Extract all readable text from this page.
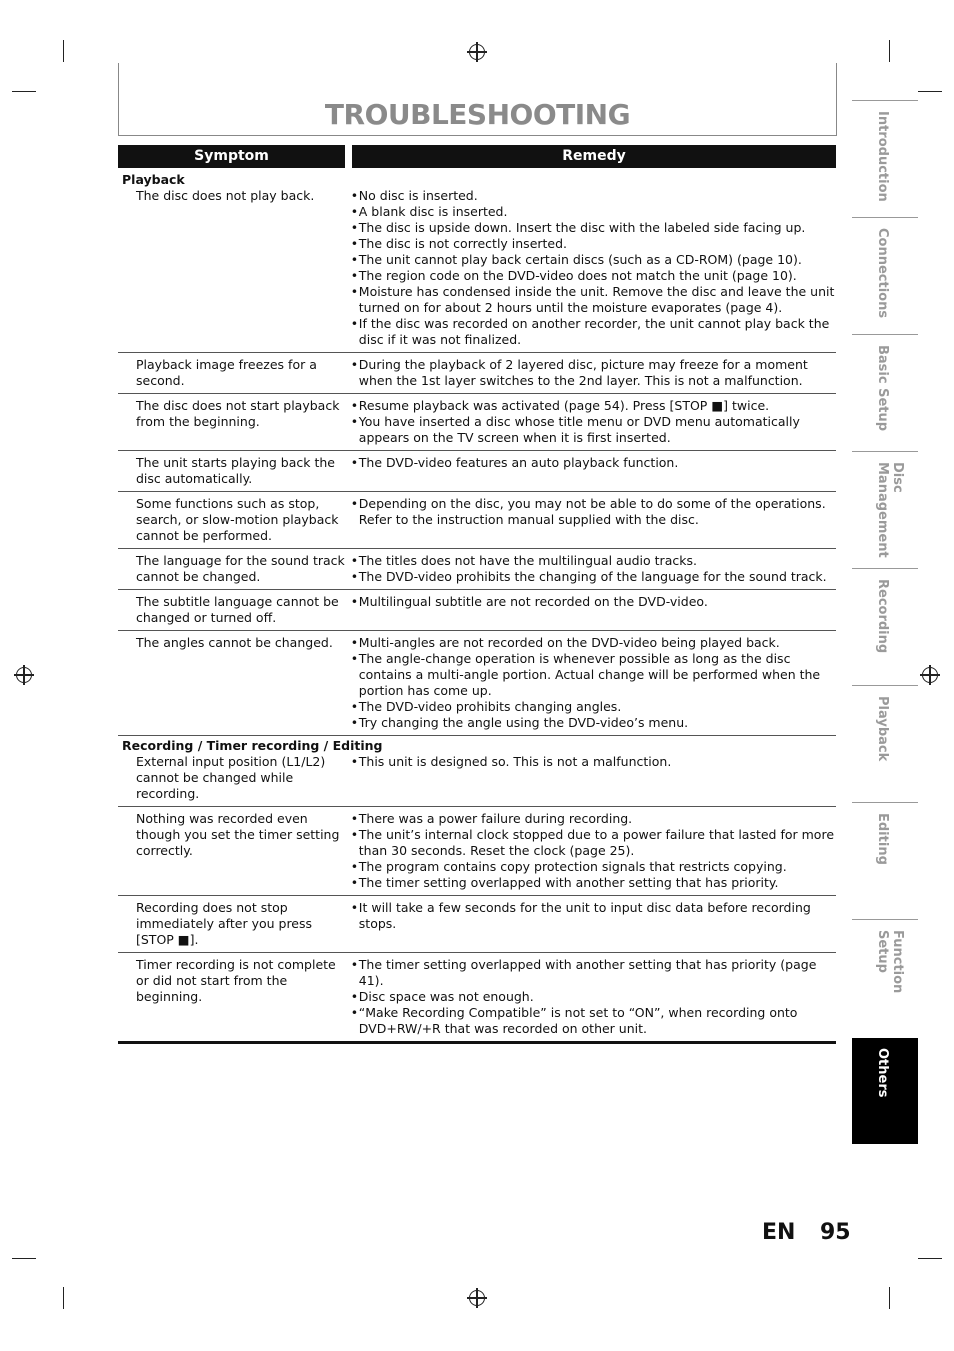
TROUBLESHOOTING
Symptom	Remedy
Playback
The disc does not play back.	• No disc is inserted.
• A blank disc is inserted.
• The disc is upside down. Insert the disc with the labeled side facing up.
• The disc is not correctly inserted.
• The unit cannot play back certain discs (such as a CD-ROM) (page 10).
• The region code on the DVD-video does not match the unit (page 10).
• Moisture has condensed inside the unit. Remove the disc and leave the unit turned on for about 2 hours until the moisture evaporates (page 4).
• If the disc was recorded on another recorder, the unit cannot play back the disc if it was not finalized.
Playback image freezes for a second.
• During the playback of 2 layered disc, picture may freeze for a moment when the 1st layer switches to the 2nd layer. This is not a malfunction.
The disc does not start playback from the beginning.
• Resume playback was activated (page 54). Press [STOP ■] twice.
• You have inserted a disc whose title menu or DVD menu automatically appears on the TV screen when it is first inserted.
The unit starts playing back the disc automatically.
• The DVD-video features an auto playback function.
Some functions such as stop, search, or slow-motion playback cannot be performed.
• Depending on the disc, you may not be able to do some of the operations. Refer to the instruction manual supplied with the disc.
The language for the sound track cannot be changed.
• The titles does not have the multilingual audio tracks.
• The DVD-video prohibits the changing of the language for the sound track.
The subtitle language cannot be changed or turned off.
• Multilingual subtitle are not recorded on the DVD-video.
The angles cannot be changed.	• Multi-angles are not recorded on the DVD-video being played back.
• The angle-change operation is whenever possible as long as the disc contains a multi-angle portion. Actual change will be performed when the portion has come up.
• The DVD-video prohibits changing angles.
• Try changing the angle using the DVD-video’s menu.
Recording / Timer recording / Editing
External input position (L1/L2) cannot be changed while recording.
• This unit is designed so. This is not a malfunction.
Nothing was recorded even though you set the timer setting correctly.
• There was a power failure during recording.
• The unit’s internal clock stopped due to a power failure that lasted for more than 30 seconds. Reset the clock (page 25).
• The program contains copy protection signals that restricts copying.
• The timer setting overlapped with another setting that has priority.
Recording does not stop immediately after you press [STOP ■].
• It will take a few seconds for the unit to input disc data before recording stops.
Timer recording is not complete or did not start from the beginning.
• The timer setting overlapped with another setting that has priority (page 41).
• Disc space was not enough.
• “Make Recording Compatible” is not set to “ON”, when recording onto DVD+RW/+R that was recorded on other unit.
Introduction
Connections
Basic Setup
Disc Management
Recording
Playback
Editing
Function Setup
Others
EN 95
